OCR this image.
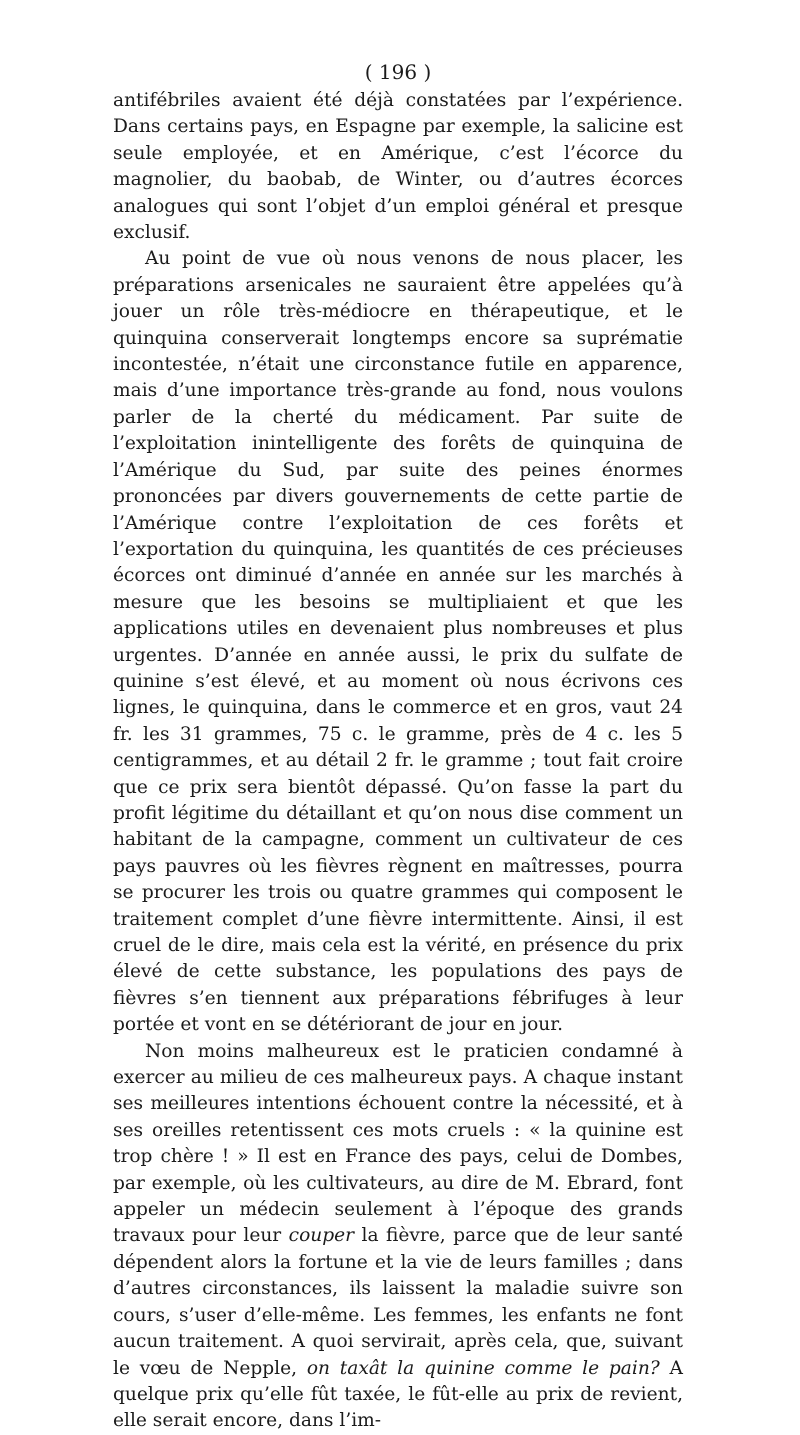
( 196 )

antifébriles avaient été déjà constatées par l’expérience. Dans certains pays, en Espagne par exemple, la salicine est seule employée, et en Amérique, c’est l’écorce du magnolier, du baobab, de Winter, ou d’autres écorces analogues qui sont l’objet d’un emploi général et presque exclusif.

Au point de vue où nous venons de nous placer, les préparations arsenicales ne sauraient être appelées qu’à jouer un rôle très-médiocre en thérapeutique, et le quinquina conserverait longtemps encore sa suprématie incontestée, n’était une circonstance futile en apparence, mais d’une importance très-grande au fond, nous voulons parler de la cherté du médicament. Par suite de l’exploitation inintelligente des forêts de quinquina de l’Amérique du Sud, par suite des peines énormes prononcées par divers gouvernements de cette partie de l’Amérique contre l’exploitation de ces forêts et l’exportation du quinquina, les quantités de ces précieuses écorces ont diminué d’année en année sur les marchés à mesure que les besoins se multipliaient et que les applications utiles en devenaient plus nombreuses et plus urgentes. D’année en année aussi, le prix du sulfate de quinine s’est élevé, et au moment où nous écrivons ces lignes, le quinquina, dans le commerce et en gros, vaut 24 fr. les 31 grammes, 75 c. le gramme, près de 4 c. les 5 centigrammes, et au détail 2 fr. le gramme ; tout fait croire que ce prix sera bientôt dépassé. Qu’on fasse la part du profit légitime du détaillant et qu’on nous dise comment un habitant de la campagne, comment un cultivateur de ces pays pauvres où les fièvres règnent en maîtresses, pourra se procurer les trois ou quatre grammes qui composent le traitement complet d’une fièvre intermittente. Ainsi, il est cruel de le dire, mais cela est la vérité, en présence du prix élevé de cette substance, les populations des pays de fièvres s’en tiennent aux préparations fébrifuges à leur portée et vont en se détériorant de jour en jour.

Non moins malheureux est le praticien condamné à exercer au milieu de ces malheureux pays. A chaque instant ses meilleures intentions échouent contre la nécessité, et à ses oreilles retentissent ces mots cruels : « la quinine est trop chère ! » Il est en France des pays, celui de Dombes, par exemple, où les cultivateurs, au dire de M. Ebrard, font appeler un médecin seulement à l’époque des grands travaux pour leur couper la fièvre, parce que de leur santé dépendent alors la fortune et la vie de leurs familles ; dans d’autres circonstances, ils laissent la maladie suivre son cours, s’user d’elle-même. Les femmes, les enfants ne font aucun traitement. A quoi servirait, après cela, que, suivant le vœu de Nepple, on taxât la quinine comme le pain? A quelque prix qu’elle fût taxée, le fût-elle au prix de revient, elle serait encore, dans l’im-
